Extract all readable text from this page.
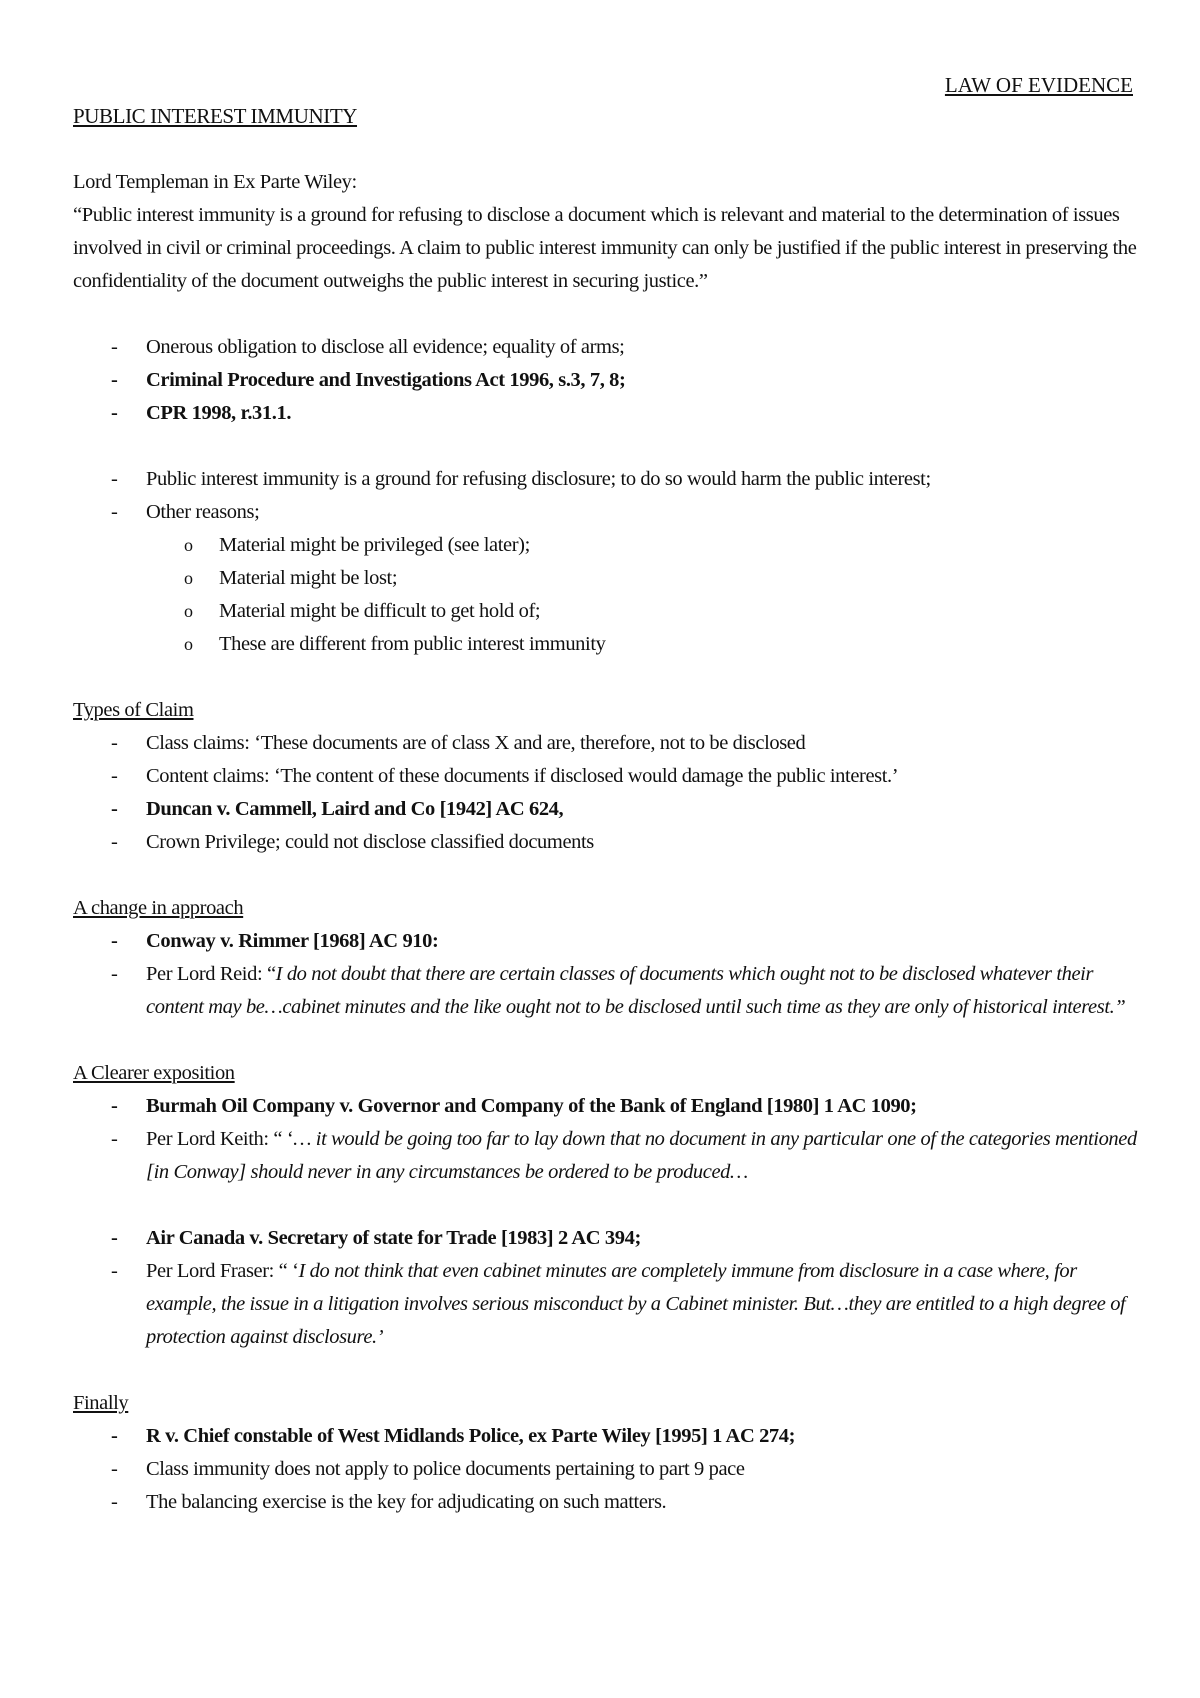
LAW OF EVIDENCE

PUBLIC INTEREST IMMUNITY

Lord Templeman in Ex Parte Wiley:

“Public interest immunity is a ground for refusing to disclose a document which is relevant and material to the determination of issues involved in civil or criminal proceedings. A claim to public interest immunity can only be justified if the public interest in preserving the confidentiality of the document outweighs the public interest in securing justice.”

-	Onerous obligation to disclose all evidence; equality of arms;
-	Criminal Procedure and Investigations Act 1996, s.3, 7, 8;
-	CPR 1998, r.31.1.
-	Public interest immunity is a ground for refusing disclosure; to do so would harm the public interest;
-	Other reasons;
o	Material might be privileged (see later);
o	Material might be lost;
o	Material might be difficult to get hold of;
o	These are different from public interest immunity

Types of Claim

-	Class claims: ‘These documents are of class X and are, therefore, not to be disclosed
-	Content claims: ‘The content of these documents if disclosed would damage the public interest.’
-	Duncan v. Cammell, Laird and Co [1942] AC 624,
-	Crown Privilege; could not disclose classified documents

A change in approach

-	Conway v. Rimmer [1968] AC 910:
-	Per Lord Reid: “I do not doubt that there are certain classes of documents which ought not to be disclosed whatever their content may be…cabinet minutes and the like ought not to be disclosed until such time as they are only of historical interest.”

A Clearer exposition

-	Burmah Oil Company v. Governor and Company of the Bank of England [1980] 1 AC 1090;
-	Per Lord Keith: “ ‘… it would be going too far to lay down that no document in any particular one of the categories mentioned [in Conway] should never in any circumstances be ordered to be produced…
-	Air Canada v. Secretary of state for Trade [1983] 2 AC 394;
-	Per Lord Fraser: “ ‘I do not think that even cabinet minutes are completely immune from disclosure in a case where, for example, the issue in a litigation involves serious misconduct by a Cabinet minister. But…they are entitled to a high degree of protection against disclosure.’

Finally

-	R v. Chief constable of West Midlands Police, ex Parte Wiley [1995] 1 AC 274;
-	Class immunity does not apply to police documents pertaining to part 9 pace
-	The balancing exercise is the key for adjudicating on such matters.
